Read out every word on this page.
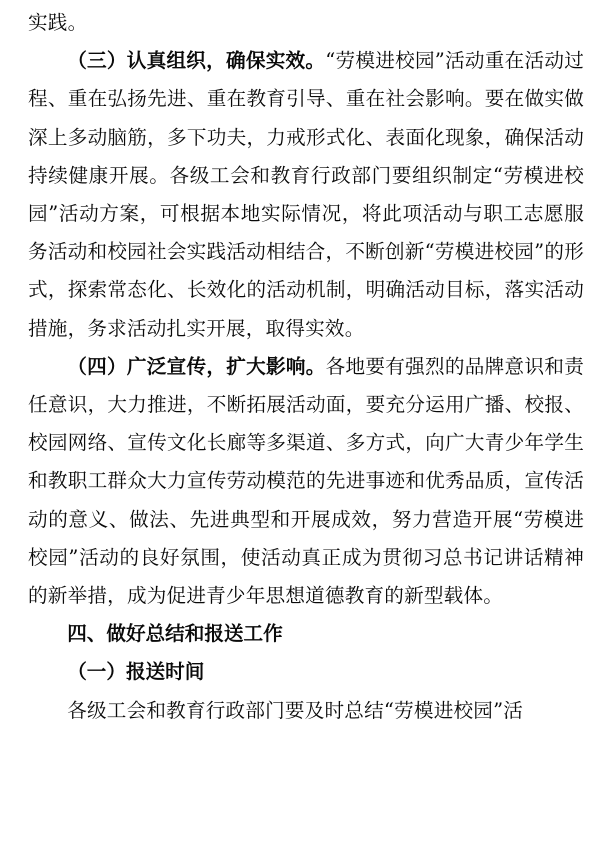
实践。

（三）认真组织，确保实效。“劳模进校园”活动重在活动过程、重在弘扬先进、重在教育引导、重在社会影响。要在做实做深上多动脑筋，多下功夫，力戒形式化、表面化现象，确保活动持续健康开展。各级工会和教育行政部门要组织制定“劳模进校园”活动方案，可根据本地实际情况，将此项活动与职工志愿服务活动和校园社会实践活动相结合，不断创新“劳模进校园”的形式，探索常态化、长效化的活动机制，明确活动目标，落实活动措施，务求活动扎实开展，取得实效。

（四）广泛宣传，扩大影响。各地要有强烈的品牌意识和责任意识，大力推进，不断拓展活动面，要充分运用广播、校报、校园网络、宣传文化长廊等多渠道、多方式，向广大青少年学生和教职工群众大力宣传劳动模范的先进事迹和优秀品质，宣传活动的意义、做法、先进典型和开展成效，努力营造开展“劳模进校园”活动的良好氛围，使活动真正成为贯彻习总书记讲话精神的新举措，成为促进青少年思想道德教育的新型载体。

四、做好总结和报送工作

（一）报送时间

各级工会和教育行政部门要及时总结“劳模进校园”活
